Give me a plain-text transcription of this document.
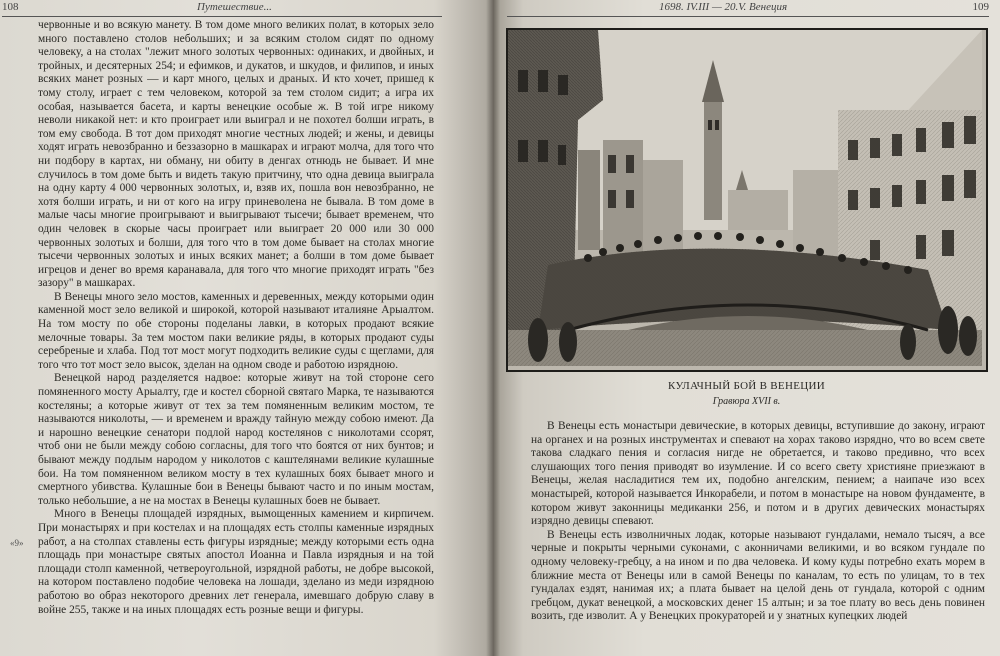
108	Путешествие...

червонные и во всякую манету. В том доме много великих полат, в которых зело много поставлено столов небольших; и за всяким столом сидят по одному человеку, а на столах "лежит много золотых червонных: одинаких, и двойных, и тройных, и десятерных 254; и ефимков, и дукатов, и шкудов, и филипов, и иных всяких манет розных — и карт много, целых и драных. И кто хочет, пришед к тому столу, играет с тем человеком, которой за тем столом сидит; а игра их особая, называется басета, и карты венецкие особые ж. В той игре никому неволи никакой нет: и кто проиграет или выиграл и не похотел болши играть, в том ему свобода. В тот дом приходят многие честных людей; и жены, и девицы ходят играть невозбранно и беззазорно в машкарах и играют молча, для того что ни подбору в картах, ни обману, ни обиту в денгах отнюдь не бывает. И мне случилось в том доме быть и видеть такую притчину, что одна девица выиграла на одну карту 4 000 червонных золотых, и, взяв их, пошла вон невозбранно, не хотя болши играть, и ни от кого на игру приневолена не бывала. В том доме в малые часы многие проигрывают и выигрывают тысечи; бывает временем, что один человек в скорые часы проиграет или выиграет 20 000 или 30 000 червонных золотых и болши, для того что в том доме бывает на столах многие тысечи червонных золотых и иных всяких манет; а болши в том доме бывает игрецов и денег во время каранавала, для того что многие приходят играть "без зазору" в машкарах.

В Венецы много зело мостов, каменных и деревенных, между которыми один каменной мост зело великой и широкой, которой называют италияне Арыалтом. На том мосту по обе стороны поделаны лавки, в которых продают всякие мелочные товары. За тем мостом паки великие ряды, в которых продают суды серебреные и хлаба. Под тот мост могут подходить великие суды с щеглами, для того что тот мост зело высок, зделан на одном своде и работою изрядною.

Венецкой народ разделяется надвое: которые живут на той стороне сего помяненного мосту Арыалту, где и костел сборной святаго Марка, те называются костеляны; а которые живут от тех за тем помяненным великим мостом, те называются николоты, — и временем и вражду тайную между собою имеют. Да и нарошно венецкие сенатори подлой народ костелянов с николотами ссорят, чтоб они не были между собою согласны, для того что боятся от них бунтов; и бывают между подлым народом у николотов с каштелянами великие кулашные бои. На том помяненном великом мосту в тех кулашных боях бывает много и смертного убивства. Кулашные бои в Венецы бывают часто и по иным мостам, только небольшие, а не на мостах в Венецы кулашных боев не бывает.

Много в Венецы площадей изрядных, вымощенных камением и кирпичем. При монастырях и при костелах и на площадях есть столпы каменные изрядных работ, а на столпах ставлены есть фигуры изрядные; между которыми есть одна площадь при монастыре святых апостол Иоанна и Павла изрядныя и на той площади столп каменной, четвероугольной, изрядной работы, не добре высокой, на котором поставлено подобие человека на лошади, зделано из меди изрядною работою во образ некоторого древних лет генерала, имевшаго добрую славу в войне 255, также и на иных площадях есть розные вещи и фигуры.

«9»
1698. IV.III — 20.V. Венеция	109
КУЛАЧНЫЙ БОЙ В ВЕНЕЦИИ
Гравюра XVII в.

В Венецы есть монастыри девические, в которых девицы, вступившие до закону, играют на органех и на розных инструментах и спевают на хорах таково изрядно, что во всем свете такова сладкаго пения и согласия нигде не обретается, и таково предивно, что всех слушающих того пения приводят во изумление. И со всего свету християне приезжают в Венецы, желая насладитися тем их, подобно ангелским, пением; а наипаче изо всех монастырей, которой называется Инкорабели, и потом в монастыре на новом фундаменте, в котором живут законницы медиканки 256, и потом и в других девических монастырях изрядно девицы спевают.

В Венецы есть изволничных лодак, которые называют гундалами, немало тысяч, а все черные и покрыты черными суконами, с аконничами великими, и во всяком гундале по одному человеку-гребцу, а на ином и по два человека. И кому куды потребно ехать морем в ближние места от Венецы или в самой Венецы по каналам, то есть по улицам, то в тех гундалах ездят, нанимая их; а плата бывает на целой день от гундала, которой с одним гребцом, дукат венецкой, а московских денег 15 алтын; и за тое плату во весь день повинен возить, где изволит. А у Венецких прокураторей и у знатных купецких людей
